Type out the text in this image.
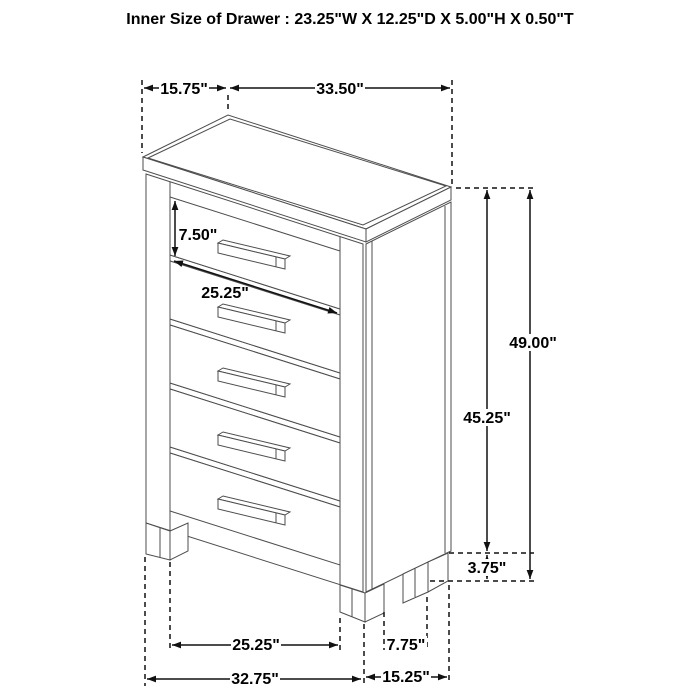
15.75"	33.50"
7.50"
25.25"
45.25"
49.00"
3.75"
25.25"	7.75"
32.75"	15.25"
Inner Size of Drawer : 23.25"W X 12.25"D X 5.00"H X 0.50"T
